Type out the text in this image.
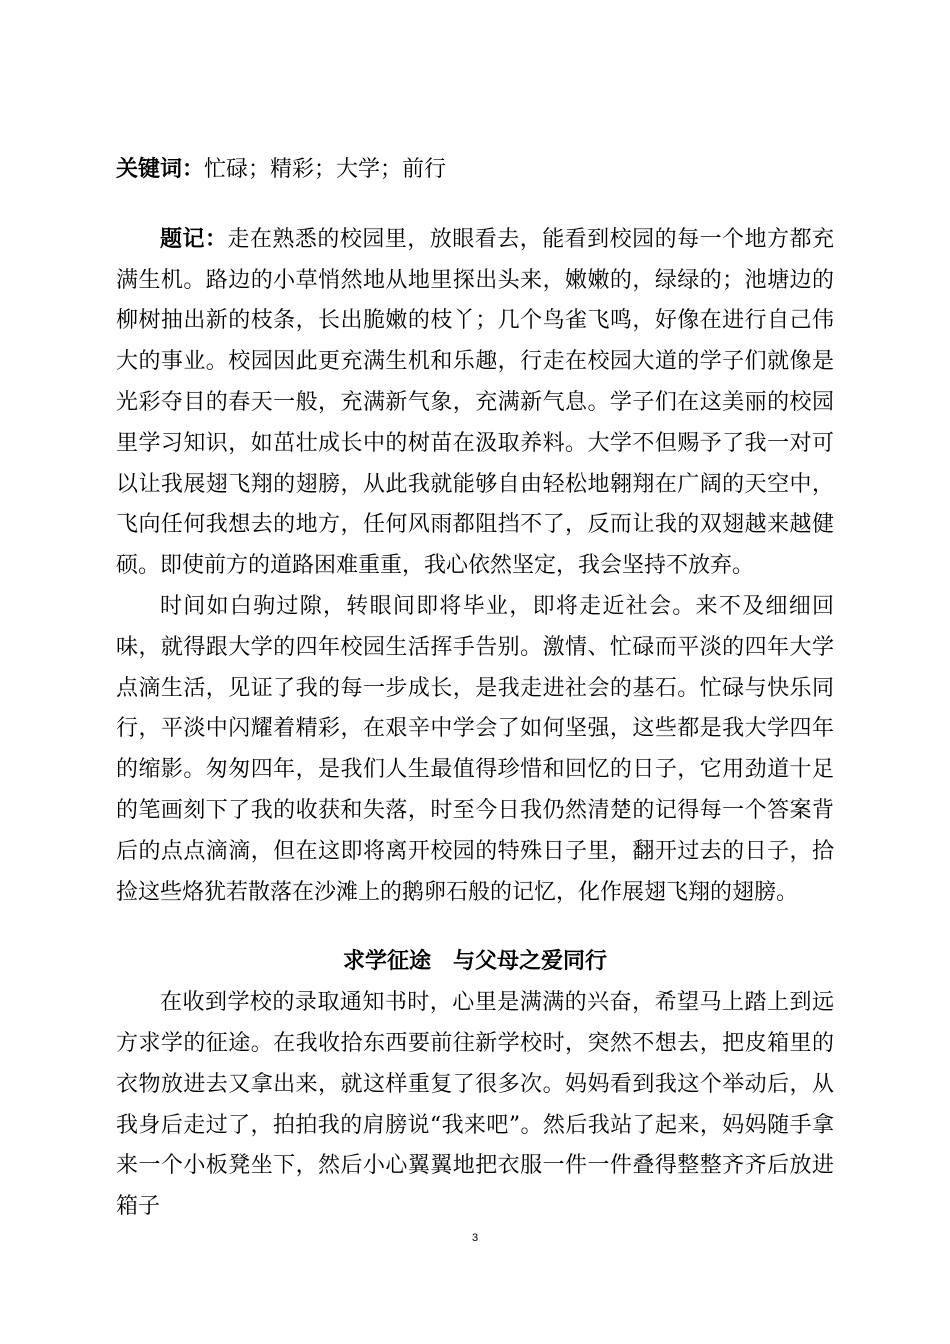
关键词：忙碌；精彩；大学；前行

题记：走在熟悉的校园里，放眼看去，能看到校园的每一个地方都充满生机。路边的小草悄然地从地里探出头来，嫩嫩的，绿绿的；池塘边的柳树抽出新的枝条，长出脆嫩的枝丫；几个鸟雀飞鸣，好像在进行自己伟大的事业。校园因此更充满生机和乐趣，行走在校园大道的学子们就像是光彩夺目的春天一般，充满新气象，充满新气息。学子们在这美丽的校园里学习知识，如茁壮成长中的树苗在汲取养料。大学不但赐予了我一对可以让我展翅飞翔的翅膀，从此我就能够自由轻松地翱翔在广阔的天空中，飞向任何我想去的地方，任何风雨都阻挡不了，反而让我的双翅越来越健硕。即使前方的道路困难重重，我心依然坚定，我会坚持不放弃。

时间如白驹过隙，转眼间即将毕业，即将走近社会。来不及细细回味，就得跟大学的四年校园生活挥手告别。激情、忙碌而平淡的四年大学点滴生活，见证了我的每一步成长，是我走进社会的基石。忙碌与快乐同行，平淡中闪耀着精彩，在艰辛中学会了如何坚强，这些都是我大学四年的缩影。匆匆四年，是我们人生最值得珍惜和回忆的日子，它用劲道十足的笔画刻下了我的收获和失落，时至今日我仍然清楚的记得每一个答案背后的点点滴滴，但在这即将离开校园的特殊日子里，翻开过去的日子，拾捡这些烙犹若散落在沙滩上的鹅卵石般的记忆，化作展翅飞翔的翅膀。

求学征途 与父母之爱同行

在收到学校的录取通知书时，心里是满满的兴奋，希望马上踏上到远方求学的征途。在我收拾东西要前往新学校时，突然不想去，把皮箱里的衣物放进去又拿出来，就这样重复了很多次。妈妈看到我这个举动后，从我身后走过了，拍拍我的肩膀说“我来吧”。然后我站了起来，妈妈随手拿来一个小板凳坐下，然后小心翼翼地把衣服一件一件叠得整整齐齐后放进箱子

3
